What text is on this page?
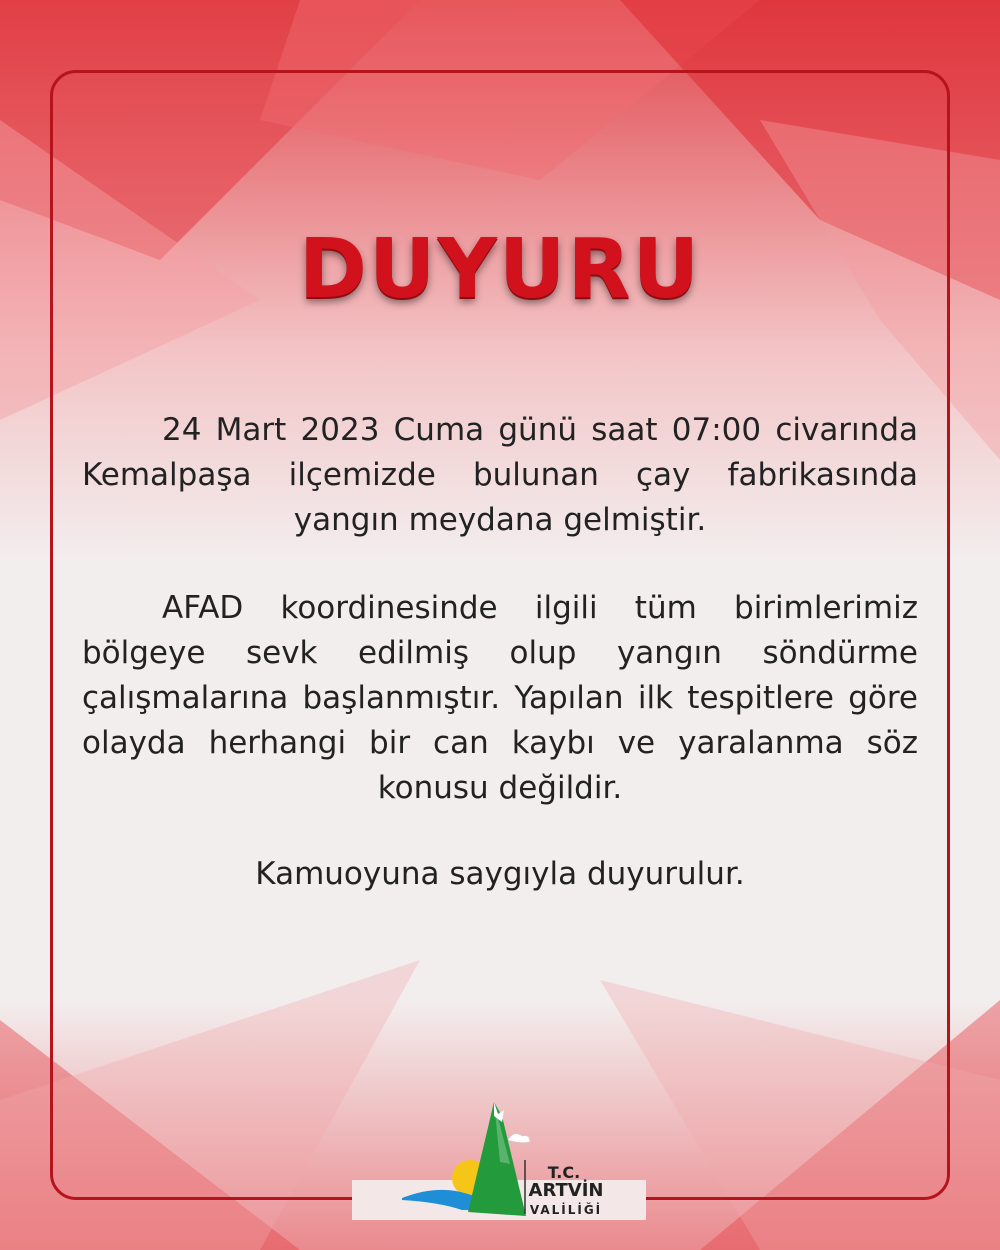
DUYURU

24 Mart 2023 Cuma günü saat 07:00 civarında Kemalpaşa ilçemizde bulunan çay fabrikasında yangın meydana gelmiştir.

AFAD koordinesinde ilgili tüm birimlerimiz bölgeye sevk edilmiş olup yangın söndürme çalışmalarına başlanmıştır. Yapılan ilk tespitlere göre olayda herhangi bir can kaybı ve yaralanma söz konusu değildir.

Kamuoyuna saygıyla duyurulur.

T.C.
ARTVİN
VALİLİĞİ
